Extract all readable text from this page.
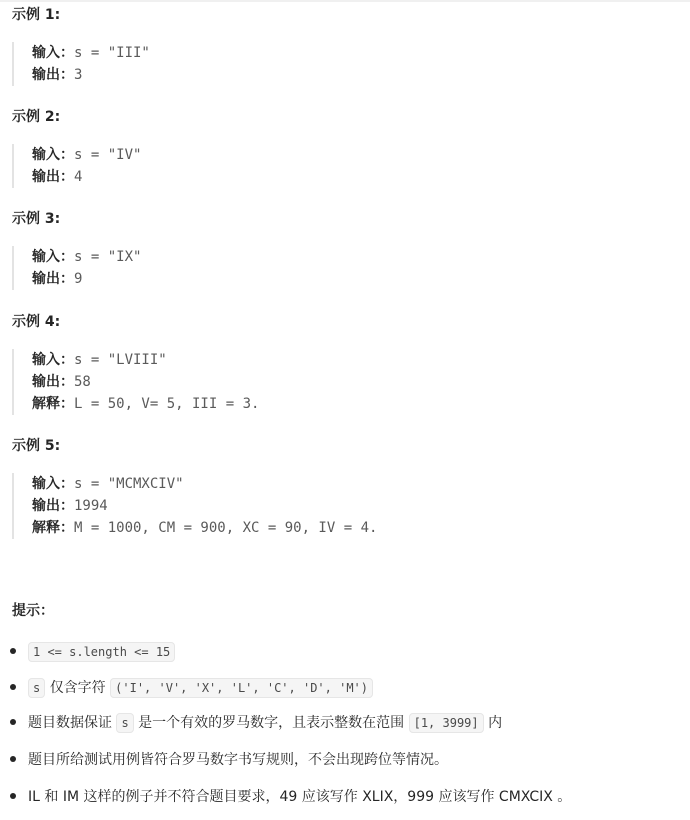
示例 1:
输入：s = "III"
输出：3
示例 2:
输入：s = "IV"
输出：4
示例 3:
输入：s = "IX"
输出：9
示例 4:
输入：s = "LVIII"
输出：58
解释：L = 50, V= 5, III = 3.
示例 5:
输入：s = "MCMXCIV"
输出：1994
解释：M = 1000, CM = 900, XC = 90, IV = 4.
提示：
1 <= s.length <= 15
s 仅含字符 ('I', 'V', 'X', 'L', 'C', 'D', 'M')
题目数据保证 s 是一个有效的罗马数字，且表示整数在范围 [1, 3999] 内
题目所给测试用例皆符合罗马数字书写规则，不会出现跨位等情况。
IL 和 IM 这样的例子并不符合题目要求，49 应该写作 XLIX，999 应该写作 CMXCIX 。
